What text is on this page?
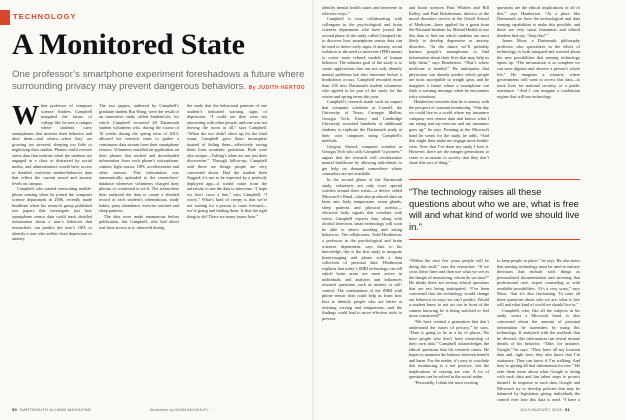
TECHNOLOGY
A Monitored State
One professor’s smartphone experiment foreshadows a future where surrounding privacy may prevent dangerous behaviors. By JUDITH HERTOG

When professor of computer science Andrew Campbell imagined the future of college life, he sees a campus where students carry smartphones that monitor their behavior and alert them—and others—when they are growing too stressed, sleeping too little or neglecting their studies. Phones could oversee stress data that indicate when the students are engaged in a class or distracted by social media, and administrators would have access to detailed, real-time student-behavior data that reflect the current mood and anxiety levels on campus.

Campbell, who started researching mobile-phone sensing when he joined the computer science department in 2006, recently made headlines when his research group published two papers that investigate just how smartphone sensor data could track detailed information about a user’s behavior that researchers can predict the user’s GPA or identify a user who suffers from depression or anxiety.

The two papers, authored by Campbell’s graduate student Rui Wang, were the result of an innovative study called StudentLife, for which Campbell recruited 48 Dartmouth student volunteers who, during the course of 10 weeks during the spring term of 2013, allowed his research team to gather a continuous data stream from their smartphone sensors. Volunteers installed an application on their phones that tracked and downloaded information from each phone’s microphone, camera, light sensor, GPS, accelerometer and other sensors. This information was automatically uploaded to the researchers’ database whenever volunteers charged their phones or connected to wi-fi. The researchers then analyzed the data to create a detailed record of each student’s whereabouts, study habits, party attendance, exercise routines and sleep patterns.

The data were made anonymous before publication, but Campbell, who had direct real-time access to it, observed during

the study that the behavioral patterns of one student’s indicated warning signs of depression. “I could see they were not interacting with other people, and one was not leaving the room at all,” says Campbell. “When the two didn’t show up for the final exam, Campbell gave them incomplete instead of failing them—effectively saving them from academic probation. Both were also unique—Tuffing’s ideas are not just their discoveries.” Through follow-up, Campbell said these are things people are very concerned about. Had the student been flagged, it’s not to be expected by a perfectly deployed app—it would come from the university to use the data to intervene. “I hope we don’t cross a line,” says Campbell. “I worry.” What’s kind of creepy is that we’re not waiting for a person to come forward—we’re going and finding them. Is that the right thing to do? There are many issues here.”

identify mental health states and intervene in effective ways.”

Campbell is now collaborating with colleagues in the psychological and brain sciences department who have joined the second phase of the study, called CampusLife, to discover how smartphone sensor data can be used to detect early signs of anxiety, social isolation or the need to intervene (PHI) means to create more refined models of human behavior. The ultimate goal of the study is to create applications that can not only identify mental problems but also intervene before a breakdown occurs. Campbell recruited more than 100 new Dartmouth student volunteers who agreed to be part of the study for the winter and spring terms this year.

Campbell’s research made such an impact that computer scientists at Cornell, the University of Texas, Carnegie Mellon, Georgia Tech, Emory and Cambridge University recruited hundreds of additional students to replicate the Dartmouth study at their own campuses using Campbell’s methods.

Gregory Abowd, computer scientist at Georgia Tech who calls Campbell “a pioneer,” argues that the research will revolutionize mental healthcare by allowing individuals to get help on demand somewhere where counselors are not available.

In the second phase of the Dartmouth study, volunteers not only wore special watches around their wrists—a device called Microsoft’s Band—that also produced data on heart rate, body temperature, sweat glands, sleep patterns and physical activity—electrical body signals that correlate with stress. Campbell expects that, along with alcohol detection, smart technology will soon be able to detect smoking and eating behaviors. The collaborator, Todd Heatherton, a professor in the psychological and brain sciences department, says that, to his knowledge, this is the first study to integrate brain-imaging and phone with a data collection of personal data. Heatherton explains that today’s fMRI technology can tell which brain areas are more active in individuals and analyzes and influences research questions, such as anxiety or self-control. The combination of the fMRI with phone sensor data could help us learn how best to identify people who are better at resisting craving and temptations—and the findings could lead to more effective tools to prevent.

and brain sciences Paul Whalen and Bill Kelley, and Paul Holtzheimer, director of the mood disorders service at the Geisel School of Medicine—have applied for a grant from the National Institute for Mental Health to use this data to find out which students are most likely to develop depressive or anxiety disorders. “In the future we’ll probably harness people’s smartphones to find information about their lives that may help us help them,” says Heatherton. “That’s where medicine is headed.” He anticipates that physicians can already predict which people are most susceptible to weight gain, and he imagines a future where a smartphone can flash a warning message when he encounters risky situations.

Heatherton concedes that he is uneasy with the prospect of constant monitoring. “One day we could live in a world where my insurance company sees sensor data and knows what I am eating and my exercise and my insurance goes up,” he says. Pointing at the Microsoft band he wears for the study, he adds, “And this might then make me engage more health-wise. Now that I’ve done my study I lose it. However, there are the meager generations to come to accustom to society that they don’t share this sort of thing.”

questions are the ethical implications of all of this,” says Heatherton. “At a place like Dartmouth we have the technological and data sensing capabilities to make this possible, and these are very smart humanists and ethical thinkers that say, ‘Stop this!’”

James Moor, a Dartmouth philosophy professor who specializes in the ethics of technology, is both intrigued and worried about the new possibilities that sensing technology opens up. “The information is so complete we can soon digitize and observe a person’s whole life.” He imagines a scenario where governments will want to access this data—to track lives for national security, or a public assistance. “And I can imagine a totalitarian regime that will use technology

“The technology raises all these questions about who we are, what is free will and what kind of world we should live in.”

“Within the next few years people will be doing this stuff,” says the researcher. “If we cross these lines and then use what we see as the danger of monitoring, whom do we trust?” He thinks there are serious ethical questions that are not being anticipated. “I’ve been concerned that the technology would change our behavior in ways we can’t predict. Would a student know to not act out in front of the camera knowing he is being watched or feel more constricted?”

“We have created a generation that don’t understand the issues of privacy,” he says. “Data is going to be in a lot of places. We have people who don’t have ownership of their own data.” Campbell acknowledges the ethical questions that his research raises. He hopes to maintain the balance between benefit and harm. For the reader, it’s easy to conclude that monitoring is a net positive, but the implications of sensing are vast. A lot of questions can be solved in the social realm.

“Personally, I think the most exciting

to keep people to place,” he says. He also notes that sensing technology must be used to enforce decisions that include such things as personalized documentation and stressing that professional care, expert counseling or with available possibilities. “It’s a very scary,” says Moor, “but it’s also fascinating. To raise all these questions about who we are, what is free will and what kind of world we should live in.”

Campbell, who, like all the subjects in his study, wears a Microsoft band, is also concerned about the amount of personal information he surrenders by using this technology. If analyzed with the methods that he devised, this information can reveal minute details of his behavior. “Take, for instance, Google,” he says. “They have all my location data and, right now, they also know that I’m stationary. They can know if I’m walking. And they’re getting all that information for free.” He asks them more about what Google is doing with such data and has taken steps to protect himself. In response to such data, Google and Microsoft try to develop policies that may be balanced by legislation giving individuals the control over how this data is used. “I have a

90 DARTMOUTH ALUMNI MAGAZINE	Illustration by ADAM McCAULEY	JULY/AUGUST 2015 91
